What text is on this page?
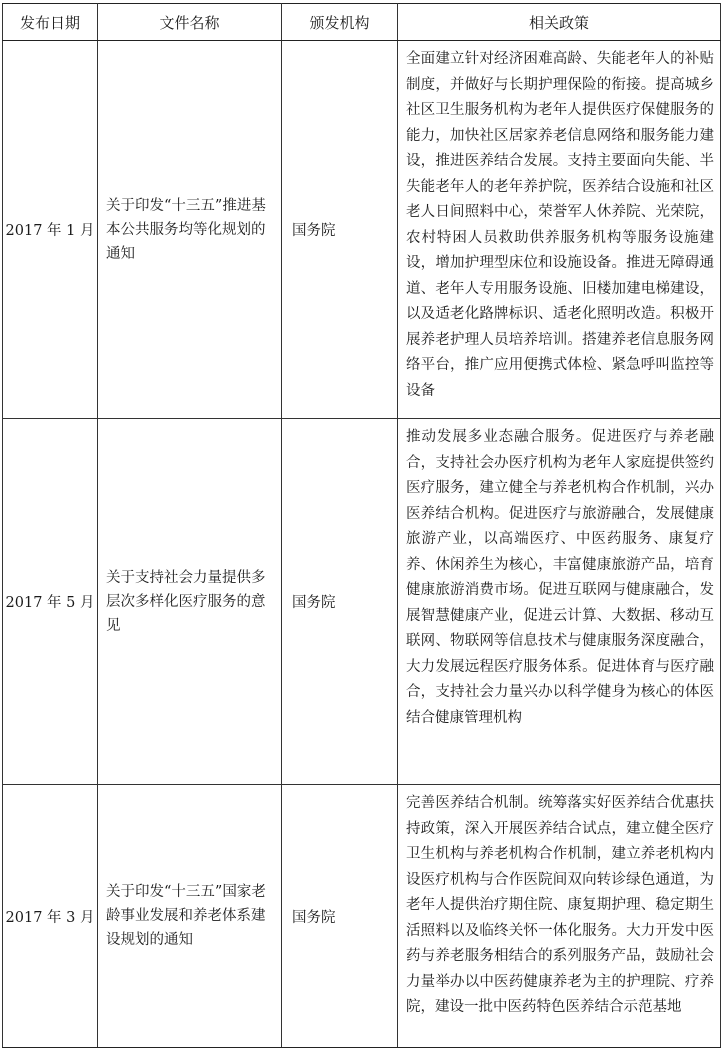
发布日期	文件名称	颁发机构	相关政策
2017 年 1 月	关于印发“十三五”推进基本公共服务均等化规划的通知	国务院	全面建立针对经济困难高龄、失能老年人的补贴制度，并做好与长期护理保险的衔接。提高城乡社区卫生服务机构为老年人提供医疗保健服务的能力，加快社区居家养老信息网络和服务能力建设，推进医养结合发展。支持主要面向失能、半失能老年人的老年养护院，医养结合设施和社区老人日间照料中心，荣誉军人休养院、光荣院，农村特困人员救助供养服务机构等服务设施建设，增加护理型床位和设施设备。推进无障碍通道、老年人专用服务设施、旧楼加建电梯建设，以及适老化路牌标识、适老化照明改造。积极开展养老护理人员培养培训。搭建养老信息服务网络平台，推广应用便携式体检、紧急呼叫监控等设备
2017 年 5 月	关于支持社会力量提供多层次多样化医疗服务的意见	国务院	推动发展多业态融合服务。促进医疗与养老融合，支持社会办医疗机构为老年人家庭提供签约医疗服务，建立健全与养老机构合作机制，兴办医养结合机构。促进医疗与旅游融合，发展健康旅游产业，以高端医疗、中医药服务、康复疗养、休闲养生为核心，丰富健康旅游产品，培育健康旅游消费市场。促进互联网与健康融合，发展智慧健康产业，促进云计算、大数据、移动互联网、物联网等信息技术与健康服务深度融合，大力发展远程医疗服务体系。促进体育与医疗融合，支持社会力量兴办以科学健身为核心的体医结合健康管理机构
2017 年 3 月	关于印发“十三五”国家老龄事业发展和养老体系建设规划的通知	国务院	完善医养结合机制。统筹落实好医养结合优惠扶持政策，深入开展医养结合试点，建立健全医疗卫生机构与养老机构合作机制，建立养老机构内设医疗机构与合作医院间双向转诊绿色通道，为老年人提供治疗期住院、康复期护理、稳定期生活照料以及临终关怀一体化服务。大力开发中医药与养老服务相结合的系列服务产品，鼓励社会力量举办以中医药健康养老为主的护理院、疗养院，建设一批中医药特色医养结合示范基地
